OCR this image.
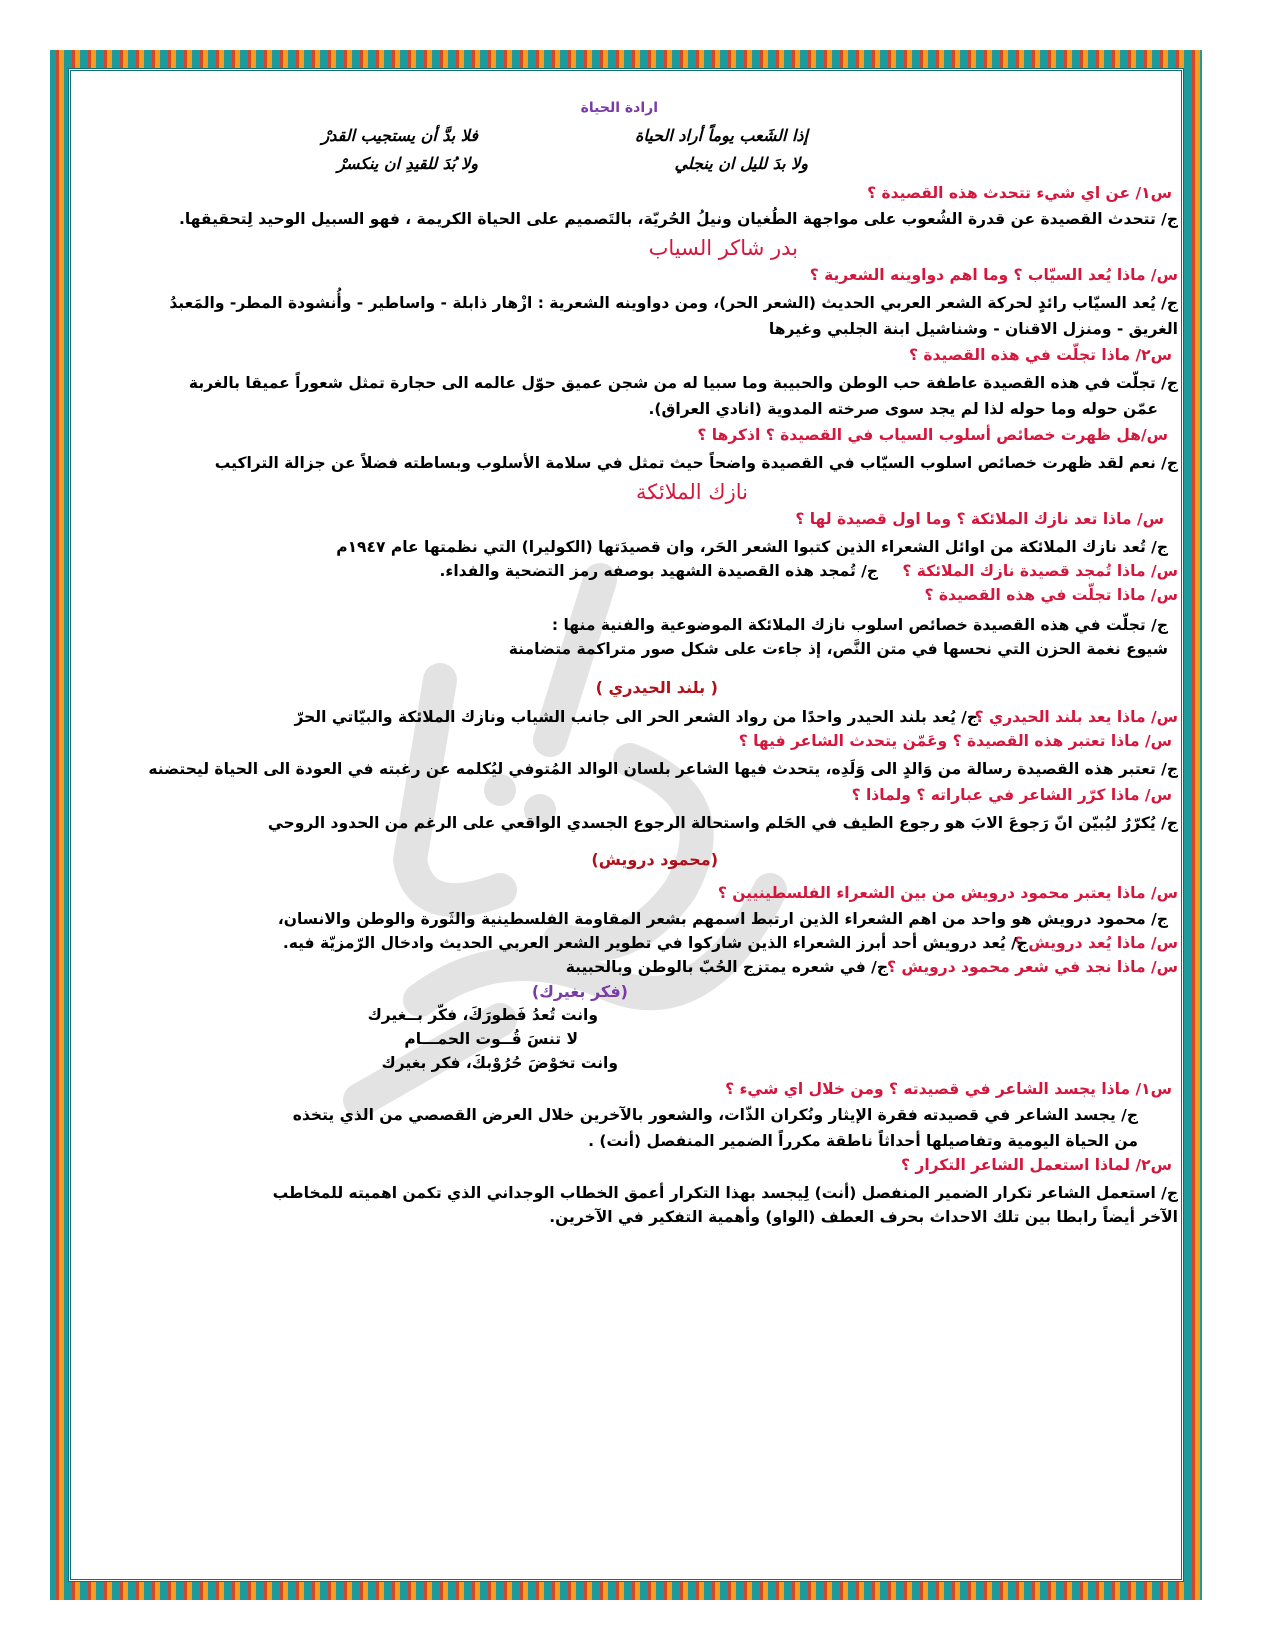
ارادة الحياة
إذا الشَعب يوماً أراد الحياة
فلا بدَّ أن يستجيب القدرْ
ولا بدَ لليل ان ينجلي
ولا بُدَ للقيدِ ان ينكسرْ
س١/ عن اي شيء تتحدث هذه القصيدة ؟
ج/ تتحدث القصيدة عن قدرة الشُعوب على مواجهة الطُغيان ونيلُ الحُريّة، بالتَصميم على الحياة الكريمة ، فهو السبيل الوحيد لِتحقيقها.
بدر شاكر السياب
س/ ماذا يُعد السيّاب ؟ وما اهم دواوينه الشعرية ؟
ج/ يُعد السيّاب رائدٍ لحركة الشعر العربي الحديث (الشعر الحر)، ومن دواوينه الشعرية : ازْهار ذابلة - واساطير - وأُنشودة المطر- والمَعبدُ
الغريق - ومنزل الاقنان - وشناشيل ابنة الجلبي وغيرها
س٢/ ماذا تجلّت في هذه القصيدة ؟
ج/ تجلّت في هذه القصيدة عاطفة حب الوطن والحبيبة وما سبيا له من شجن عميق حوّل عالمه الى حجارة تمثل شعوراً عميقا بالغربة
عمّن حوله وما حوله لذا لم يجد سوى صرخته المدوية (انادي العراق).
س/هل ظهرت خصائص أسلوب السياب في القصيدة ؟ اذكرها ؟
ج/ نعم لقد ظهرت خصائص اسلوب السيّاب في القصيدة واضحاً حيث تمثل في سلامة الأسلوب وبساطته فضلاً عن جزالة التراكيب
نازك الملائكة
س/ ماذا تعد نازك الملائكة ؟ وما اول قصيدة لها ؟
ج/ تُعد نازك الملائكة من اوائل الشعراء الذين كتبوا الشعر الحَر، وان قصيدَتها (الكوليرا) التي نظمتها عام ١٩٤٧م
س/ ماذا تُمجد قصيدة نازك الملائكة ؟
ج/ تُمجد هذه القصيدة الشهيد بوصفه رمز التضحية والفداء.
س/ ماذا تجلّت في هذه القصيدة ؟
ج/ تجلّت في هذه القصيدة خصائص اسلوب نازك الملائكة الموضوعية والفنية منها :
شيوع نغمة الحزن التي نحسها في متن النَّص، إذ جاءت على شكل صور متراكمة متضامنة
( بلند الحيدري )
س/ ماذا يعد بلند الحيدري ؟
ج/ يُعد بلند الحيدر واحدًا من رواد الشعر الحر الى جانب الشياب ونازك الملائكة والبيّاتي الحرّ
س/ ماذا تعتبر هذه القصيدة ؟ وعَمّن يتحدث الشاعر فيها ؟
ج/ تعتبر هذه القصيدة رسالة من وَالدٍ الى وَلَدِه، يتحدث فيها الشاعر بلسان الوالد المُتوفي ليُكلمه عن رغبته في العودة الى الحياة ليحتضنه
س/ ماذا كرّر الشاعر في عباراته ؟ ولماذا ؟
ج/ يُكرّرُ ليُبيّن انّ رَجوعَ الابَ هو رجوع الطيف في الحَلم واستحالة الرجوع الجسدي الواقعي على الرغم من الحدود الروحي
(محمود درويش)
س/ ماذا يعتبر محمود درويش من بين الشعراء الفلسطينيين ؟
ج/ محمود درويش هو واحد من اهم الشعراء الذين ارتبط اسمهم بشعر المقاومة الفلسطينية والثَورة والوطن والانسان،
س/ ماذا يُعد درويش ؟
ج/ يُعد درويش أحد أبرز الشعراء الذين شاركوا في تطوير الشعر العربي الحديث وادخال الرّمزيّة فيه.
س/ ماذا نجد في شعر محمود درويش ؟
ج/ في شعره يمتزج الحُبّ بالوطن وبالحبيبة
(فكر بغيرك)
وانت تُعدُ فَطورَكَ، فكّر بــغيرك
لا تنسَ قُــوت الحمـــام
وانت تخوْضَ حُرُوْبكَ، فكر بغيرك
س١/ ماذا يجسد الشاعر في قصيدته ؟ ومن خلال اي شيء ؟
ج/ يجسد الشاعر في قصيدته فقرة الإيثار ونُكران الذّات، والشعور بالآخرين خلال العرض القصصي من الذي يتخذه
من الحياة اليومية وتفاصيلها أحداثاً ناطقة مكرراً الضمير المنفصل (أنت) .
س٢/ لماذا استعمل الشاعر التكرار ؟
ج/ استعمل الشاعر تكرار الضمير المنفصل (أنت) لِيجسد بهذا التكرار أعمق الخطاب الوجداني الذي تكمن اهميته للمخاطب
الآخر أيضاً رابطا بين تلك الاحداث بحرف العطف (الواو) وأهمية التفكير في الآخرين.
